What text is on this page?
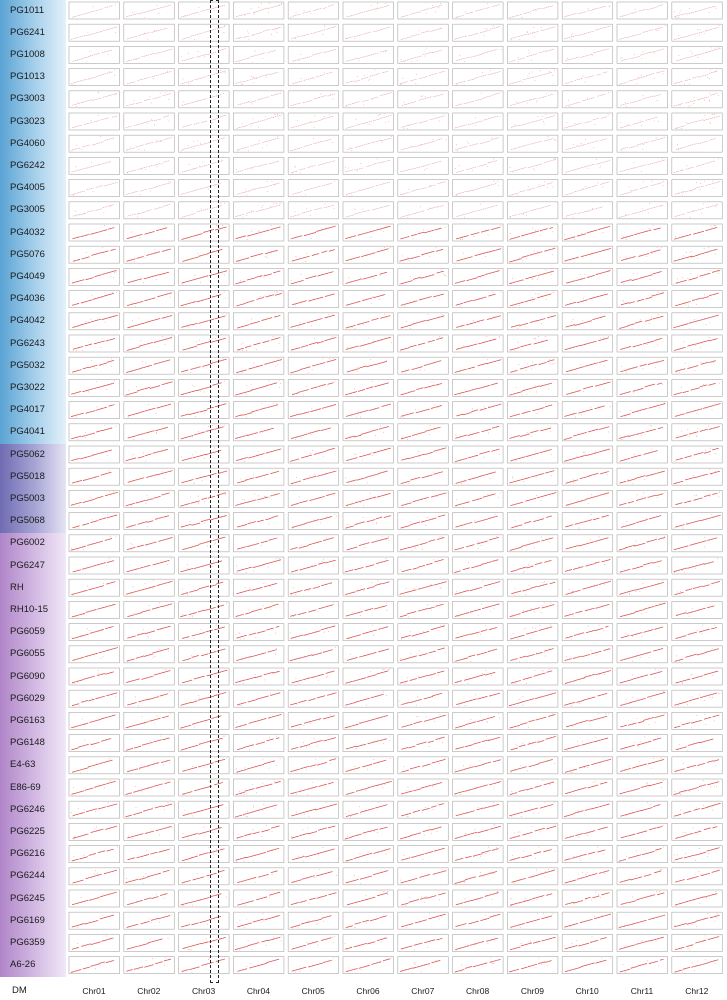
PG1011
PG6241
PG1008
PG1013
PG3003
PG3023
PG4060
PG6242
PG4005
PG3005
PG4032
PG5076
PG4049
PG4036
PG4042
PG6243
PG5032
PG3022
PG4017
PG4041
PG5062
PG5018
PG5003
PG5068
PG6002
PG6247
RH
RH10-15
PG6059
PG6055
PG6090
PG6029
PG6163
PG6148
E4-63
E86-69
PG6246
PG6225
PG6216
PG6244
PG6245
PG6169
PG6359
A6-26
DM	Chr01	Chr02	Chr03	Chr04	Chr05	Chr06	Chr07	Chr08	Chr09	Chr10	Chr11	Chr12
